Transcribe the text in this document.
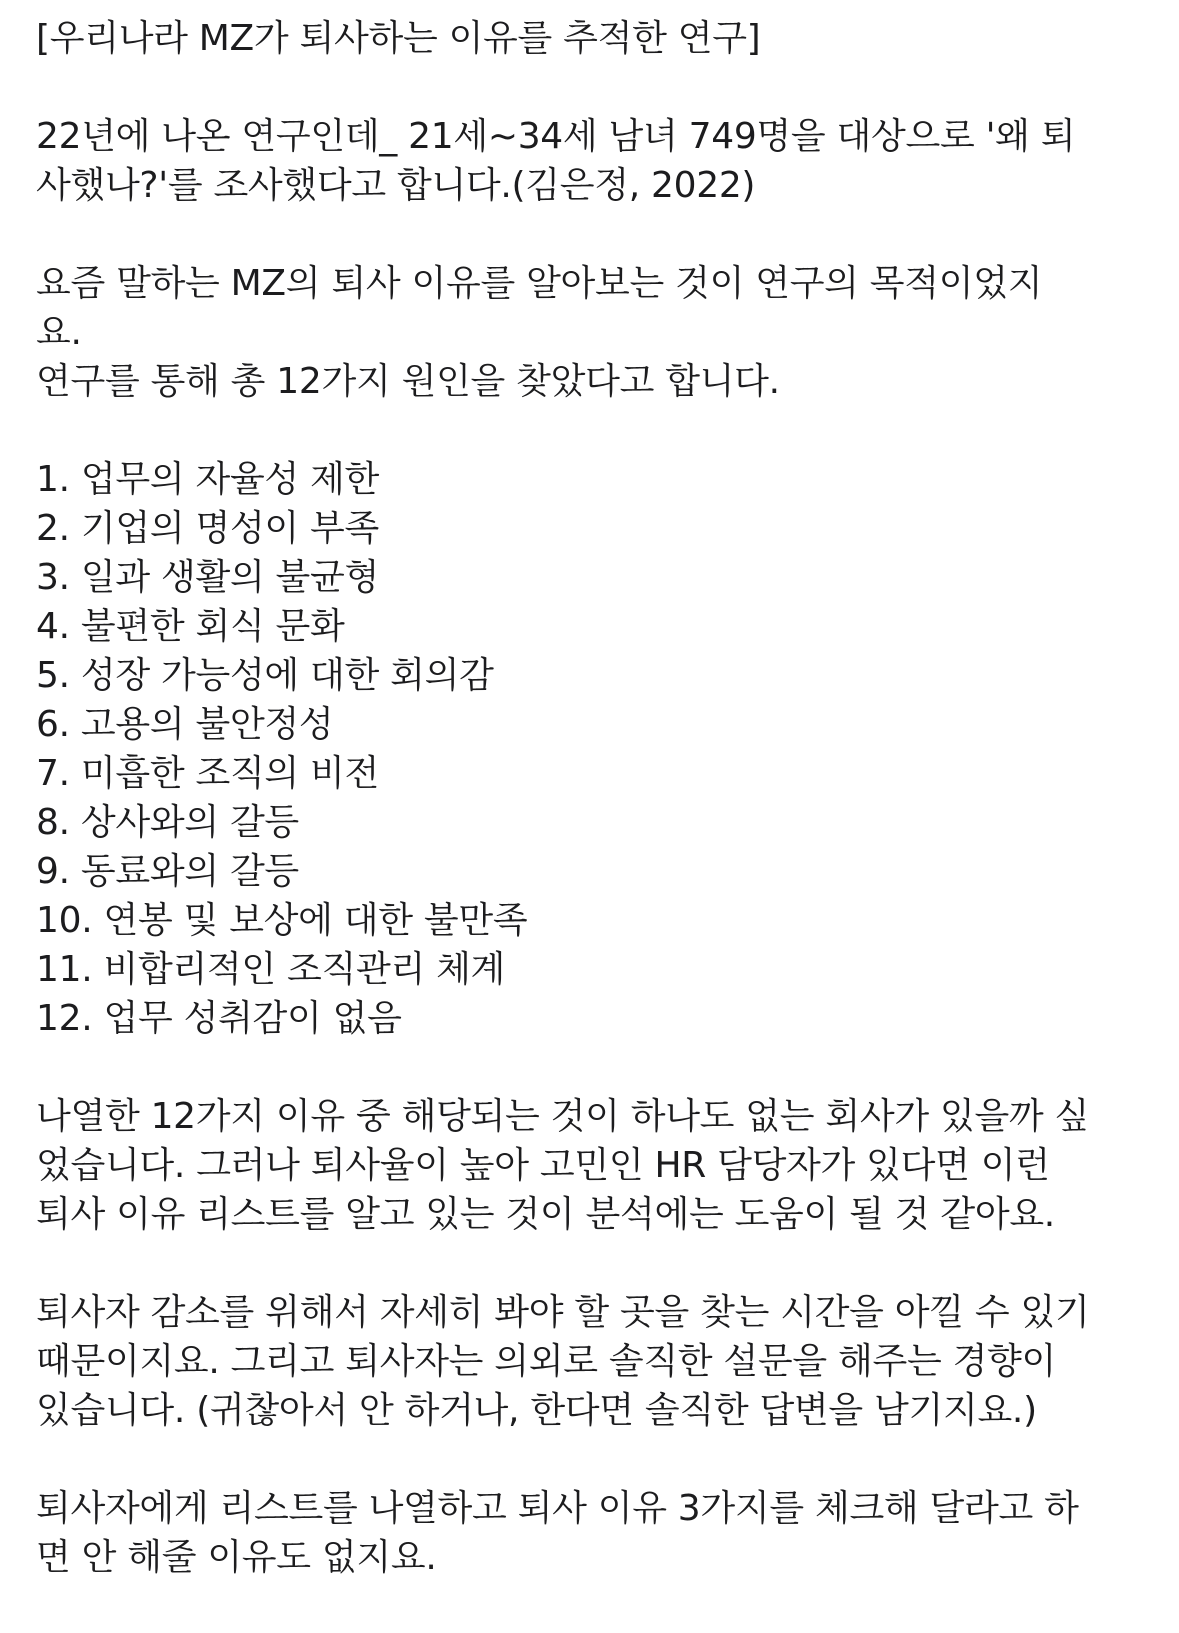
[우리나라 MZ가 퇴사하는 이유를 추적한 연구]
22년에 나온 연구인데_ 21세~34세 남녀 749명을 대상으로 '왜 퇴
사했나?'를 조사했다고 합니다.(김은정, 2022)
요즘 말하는 MZ의 퇴사 이유를 알아보는 것이 연구의 목적이었지
요.
연구를 통해 총 12가지 원인을 찾았다고 합니다.
1. 업무의 자율성 제한
2. 기업의 명성이 부족
3. 일과 생활의 불균형
4. 불편한 회식 문화
5. 성장 가능성에 대한 회의감
6. 고용의 불안정성
7. 미흡한 조직의 비전
8. 상사와의 갈등
9. 동료와의 갈등
10. 연봉 및 보상에 대한 불만족
11. 비합리적인 조직관리 체계
12. 업무 성취감이 없음
나열한 12가지 이유 중 해당되는 것이 하나도 없는 회사가 있을까 싶
었습니다. 그러나 퇴사율이 높아 고민인 HR 담당자가 있다면 이런
퇴사 이유 리스트를 알고 있는 것이 분석에는 도움이 될 것 같아요.
퇴사자 감소를 위해서 자세히 봐야 할 곳을 찾는 시간을 아낄 수 있기
때문이지요. 그리고 퇴사자는 의외로 솔직한 설문을 해주는 경향이
있습니다. (귀찮아서 안 하거나, 한다면 솔직한 답변을 남기지요.)
퇴사자에게 리스트를 나열하고 퇴사 이유 3가지를 체크해 달라고 하
면 안 해줄 이유도 없지요.
